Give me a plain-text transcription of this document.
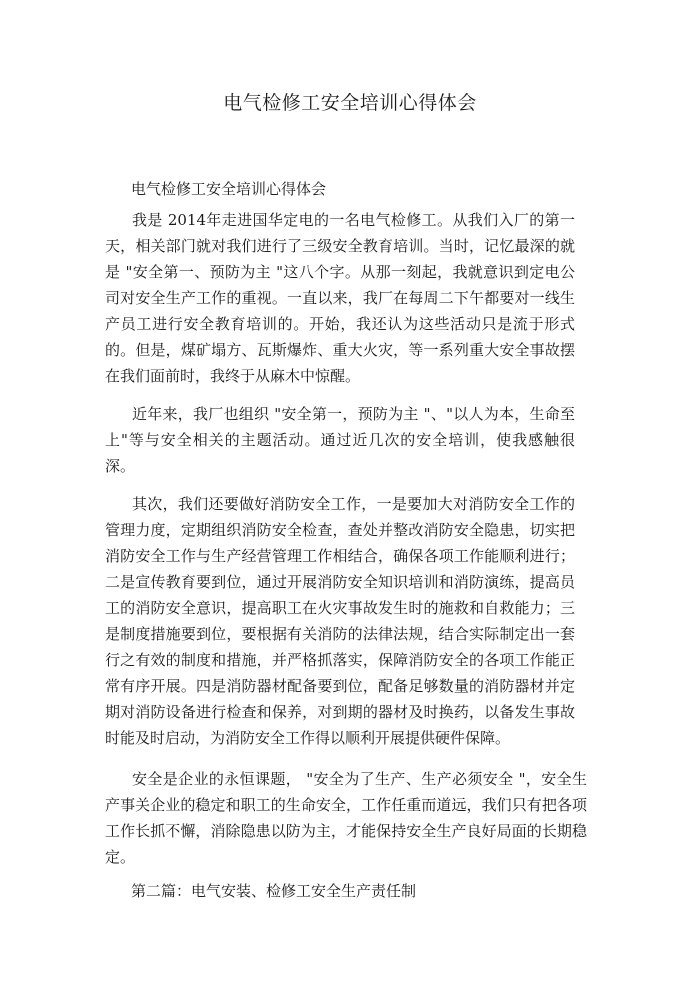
电气检修工安全培训心得体会
电气检修工安全培训心得体会

我是 2014年走进国华定电的一名电气检修工。从我们入厂的第一天，相关部门就对我们进行了三级安全教育培训。当时，记忆最深的就是 "安全第一、预防为主 "这八个字。从那一刻起，我就意识到定电公司对安全生产工作的重视。一直以来，我厂在每周二下午都要对一线生产员工进行安全教育培训的。开始，我还认为这些活动只是流于形式的。但是，煤矿塌方、瓦斯爆炸、重大火灾，等一系列重大安全事故摆在我们面前时，我终于从麻木中惊醒。

近年来，我厂也组织 "安全第一，预防为主 "、"以人为本，生命至上"等与安全相关的主题活动。通过近几次的安全培训，使我感触很深。

其次，我们还要做好消防安全工作，一是要加大对消防安全工作的管理力度，定期组织消防安全检查，查处并整改消防安全隐患，切实把消防安全工作与生产经营管理工作相结合，确保各项工作能顺利进行；二是宣传教育要到位，通过开展消防安全知识培训和消防演练，提高员工的消防安全意识，提高职工在火灾事故发生时的施救和自救能力；三是制度措施要到位，要根据有关消防的法律法规，结合实际制定出一套行之有效的制度和措施，并严格抓落实，保障消防安全的各项工作能正常有序开展。四是消防器材配备要到位，配备足够数量的消防器材并定期对消防设备进行检查和保养，对到期的器材及时换药，以备发生事故时能及时启动，为消防安全工作得以顺利开展提供硬件保障。

安全是企业的永恒课题， "安全为了生产、生产必须安全 "，安全生产事关企业的稳定和职工的生命安全，工作任重而道远，我们只有把各项工作长抓不懈，消除隐患以防为主，才能保持安全生产良好局面的长期稳定。

第二篇：电气安装、检修工安全生产责任制
